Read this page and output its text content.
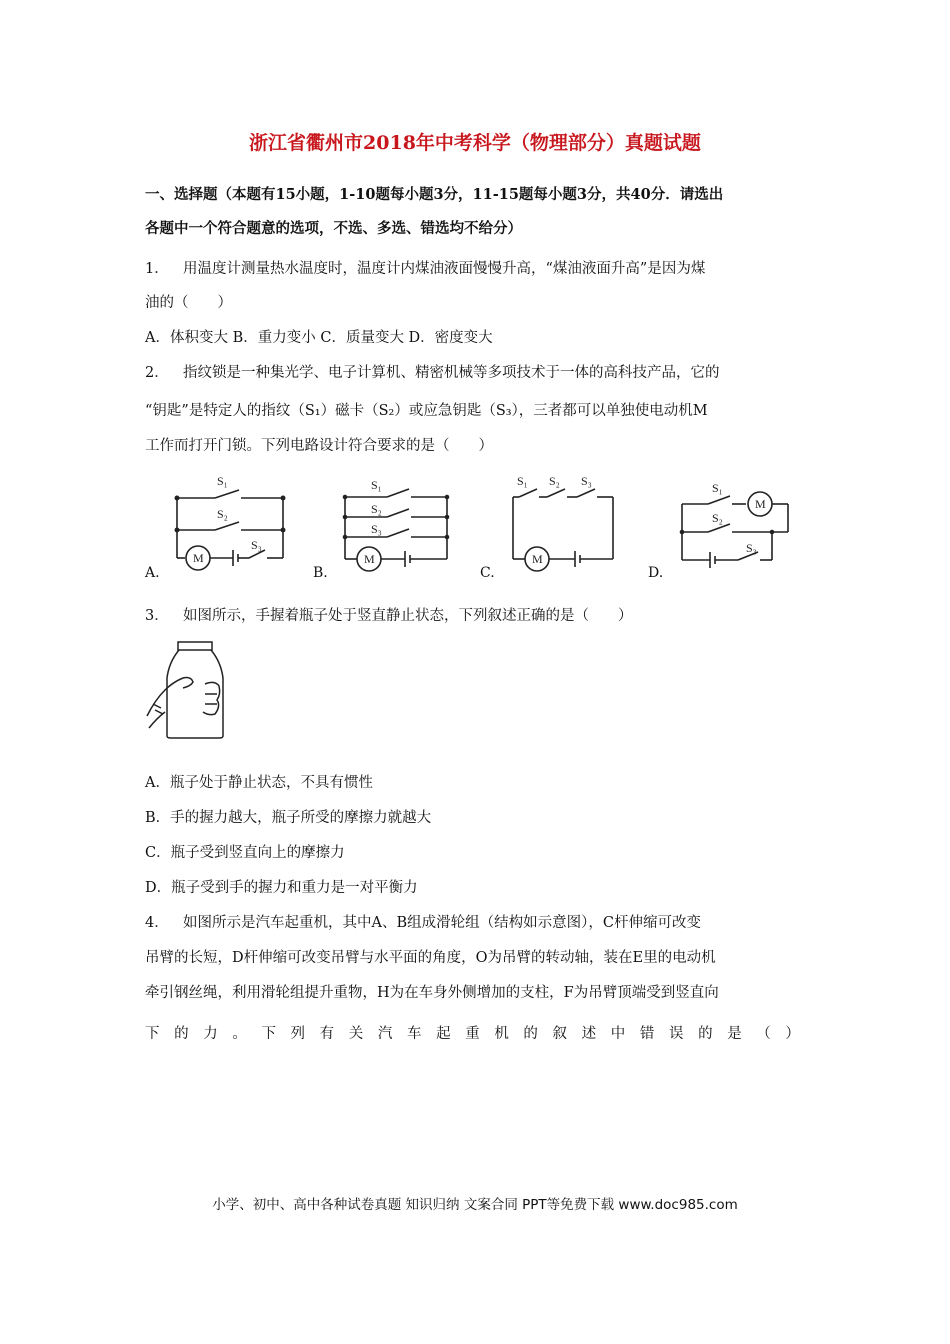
浙江省衢州市2018年中考科学（物理部分）真题试题
一、选择题（本题有15小题，1-10题每小题3分，11-15题每小题3分，共40分．请选出
各题中一个符合题意的选项，不选、多选、错选均不给分）
1． 用温度计测量热水温度时，温度计内煤油液面慢慢升高，“煤油液面升高”是因为煤
油的（　　）
A．体积变大 B．重力变小 C．质量变大 D．密度变大
2． 指纹锁是一种集光学、电子计算机、精密机械等多项技术于一体的高科技产品，它的
“钥匙”是特定人的指纹（S₁）磁卡（S₂）或应急钥匙（S₃），三者都可以单独使电动机M
工作而打开门锁。下列电路设计符合要求的是（　　）
S₁
S₂
S₃
M
S₁
S₂
S₃
M
S₁ S₂ S₃
M
S₁
S₂
S₃
M
A.	B.	C.	D.
3． 如图所示，手握着瓶子处于竖直静止状态，下列叙述正确的是（　　）
A．瓶子处于静止状态，不具有惯性
B．手的握力越大，瓶子所受的摩擦力就越大
C．瓶子受到竖直向上的摩擦力
D．瓶子受到手的握力和重力是一对平衡力
4． 如图所示是汽车起重机，其中A、B组成滑轮组（结构如示意图），C杆伸缩可改变
吊臂的长短，D杆伸缩可改变吊臂与水平面的角度，O为吊臂的转动轴，装在E里的电动机
牵引钢丝绳，利用滑轮组提升重物，H为在车身外侧增加的支柱，F为吊臂顶端受到竖直向
下 的 力 。 下 列 有 关 汽 车 起 重 机 的 叙 述 中 错 误 的 是 （ ）
小学、初中、高中各种试卷真题 知识归纳 文案合同 PPT等免费下载 www.doc985.com
